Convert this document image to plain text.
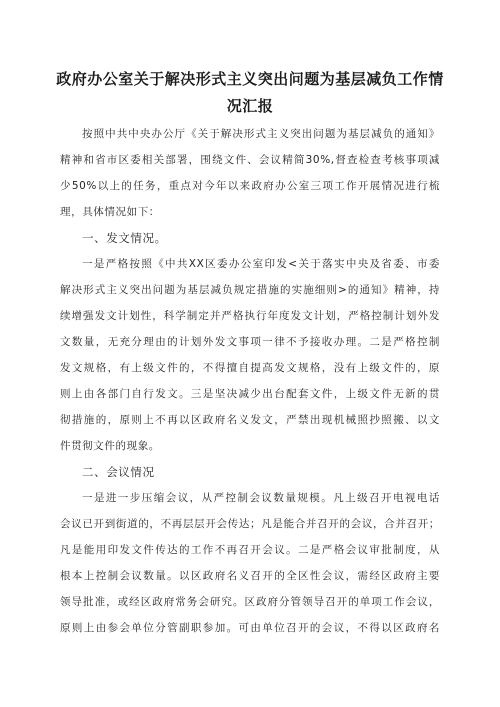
政府办公室关于解决形式主义突出问题为基层减负工作情
况汇报
按照中共中央办公厅《关于解决形式主义突出问题为基层减负的通知》
精神和省市区委相关部署，围绕文件、会议精简30%,督查检查考核事项减
少50%以上的任务，重点对今年以来政府办公室三项工作开展情况进行梳
理，具体情况如下：
一、发文情况。
一是严格按照《中共XX区委办公室印发<关于落实中央及省委、市委
解决形式主义突出问题为基层减负规定措施的实施细则>的通知》精神，持
续增强发文计划性，科学制定并严格执行年度发文计划，严格控制计划外发
文数量，无充分理由的计划外发文事项一律不予接收办理。二是严格控制
发文规格，有上级文件的，不得擅自提高发文规格，没有上级文件的，原
则上由各部门自行发文。三是坚决减少出台配套文件，上级文件无新的贯
彻措施的，原则上不再以区政府名义发文，严禁出现机械照抄照搬、以文
件贯彻文件的现象。
二、会议情况
一是进一步压缩会议，从严控制会议数量规模。凡上级召开电视电话
会议已开到街道的，不再层层开会传达；凡是能合并召开的会议，合并召开；
凡是能用印发文件传达的工作不再召开会议。二是严格会议审批制度，从
根本上控制会议数量。以区政府名义召开的全区性会议，需经区政府主要
领导批准，或经区政府常务会研究。区政府分管领导召开的单项工作会议，
原则上由参会单位分管副职参加。可由单位召开的会议，不得以区政府名
